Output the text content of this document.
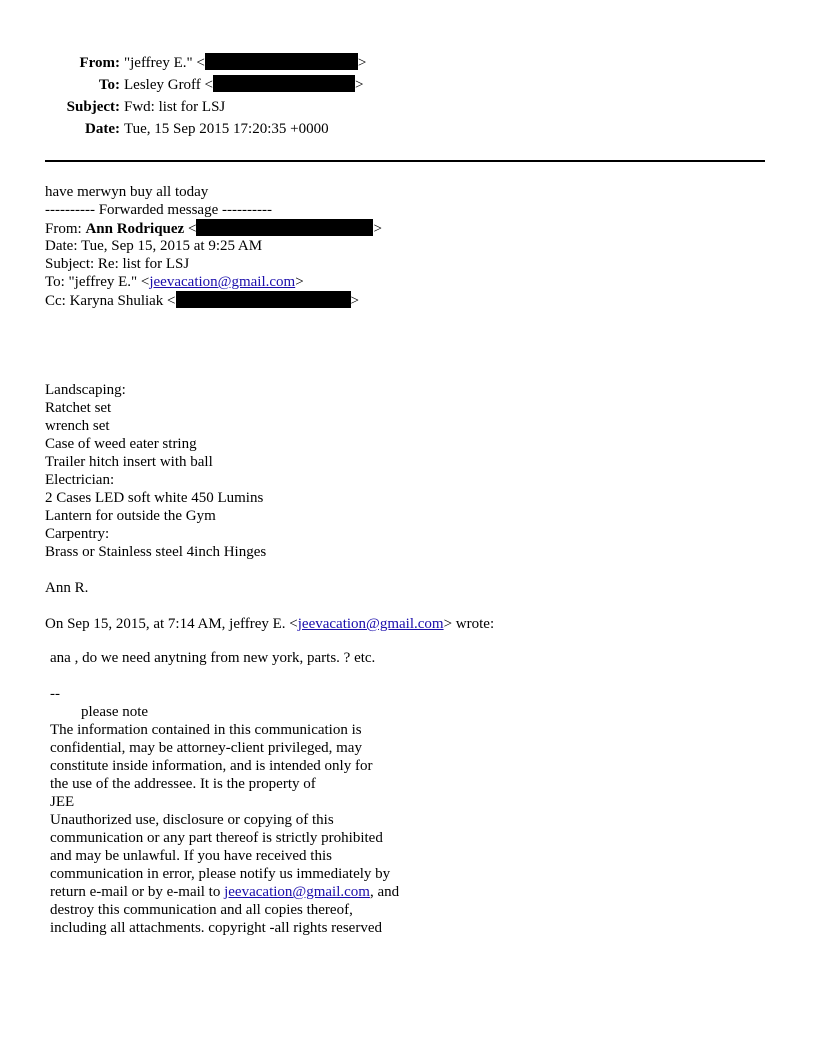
From: "jeffrey E." <	>
To: Lesley Groff <	>
Subject: Fwd: list for LSJ
Date: Tue, 15 Sep 2015 17:20:35 +0000
have merwyn buy all today
---------- Forwarded message ----------
From: Ann Rodriquez <	>
Date: Tue, Sep 15, 2015 at 9:25 AM
Subject: Re: list for LSJ
To: "jeffrey E." <jeevacation@gmail.com>
Cc: Karyna Shuliak <	>
Landscaping:
Ratchet set
wrench set
Case of weed eater string
Trailer hitch insert with ball
Electrician:
2 Cases LED soft white 450 Lumins
Lantern for outside the Gym
Carpentry:
Brass or Stainless steel 4inch Hinges
Ann R.
On Sep 15, 2015, at 7:14 AM, jeffrey E. <jeevacation@gmail.com> wrote:
ana , do we need anytning from new york, parts. ? etc.
--
please note
The information contained in this communication is
confidential, may be attorney-client privileged, may
constitute inside information, and is intended only for
the use of the addressee. It is the property of
JEE
Unauthorized use, disclosure or copying of this
communication or any part thereof is strictly prohibited
and may be unlawful. If you have received this
communication in error, please notify us immediately by
return e-mail or by e-mail to jeevacation@gmail.com, and
destroy this communication and all copies thereof,
including all attachments. copyright -all rights reserved
